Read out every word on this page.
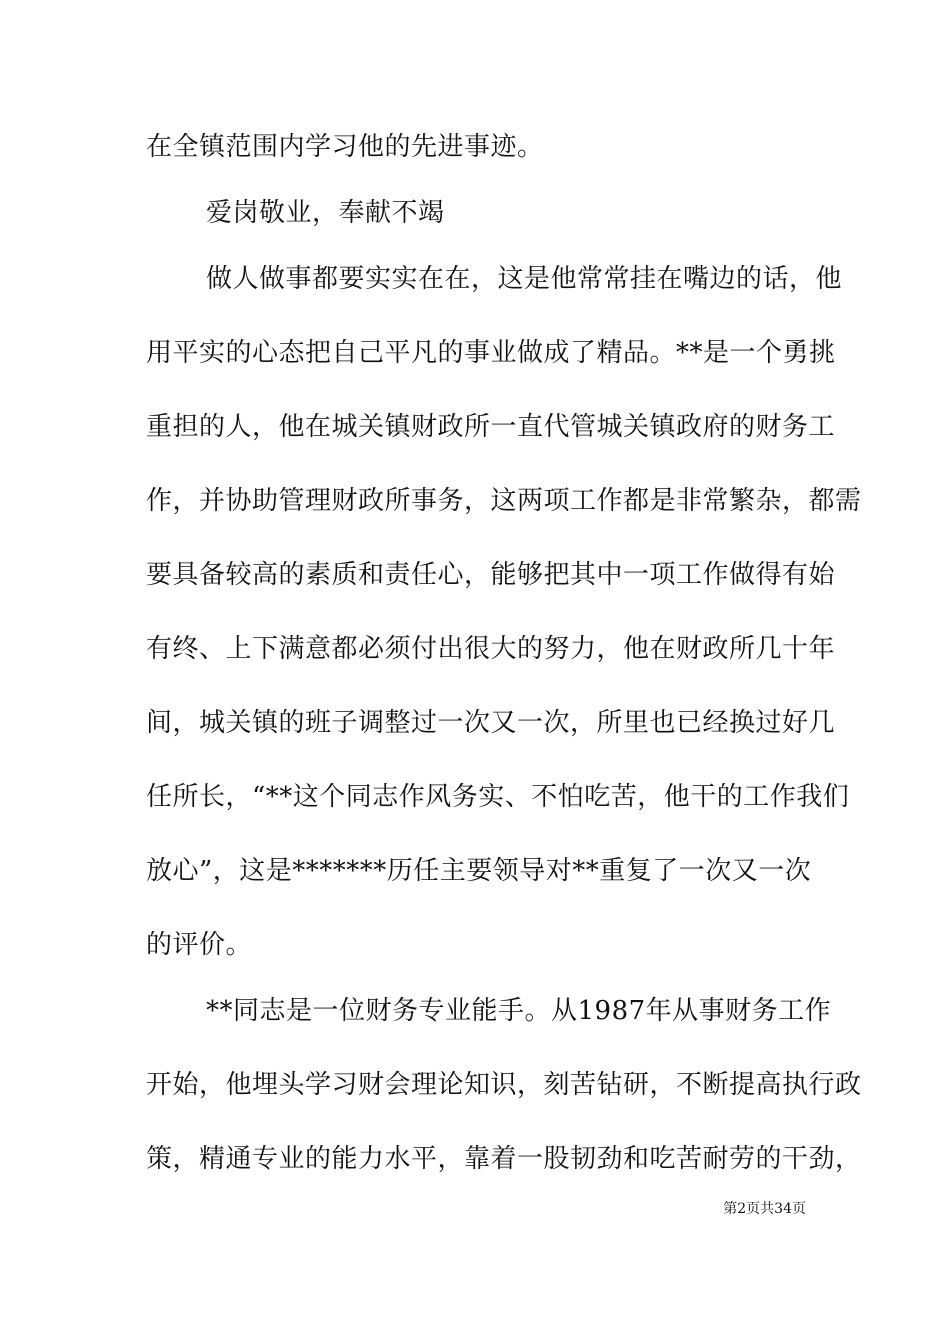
在全镇范围内学习他的先进事迹。
爱岗敬业，奉献不竭
做人做事都要实实在在，这是他常常挂在嘴边的话，他
用平实的心态把自己平凡的事业做成了精品。**是一个勇挑
重担的人，他在城关镇财政所一直代管城关镇政府的财务工
作，并协助管理财政所事务，这两项工作都是非常繁杂，都需
要具备较高的素质和责任心，能够把其中一项工作做得有始
有终、上下满意都必须付出很大的努力，他在财政所几十年
间，城关镇的班子调整过一次又一次，所里也已经换过好几
任所长，“**这个同志作风务实、不怕吃苦，他干的工作我们
放心”，这是*******历任主要领导对**重复了一次又一次
的评价。
**同志是一位财务专业能手。从1987年从事财务工作
开始，他埋头学习财会理论知识，刻苦钻研，不断提高执行政
策，精通专业的能力水平，靠着一股韧劲和吃苦耐劳的干劲，
第2页共34页
